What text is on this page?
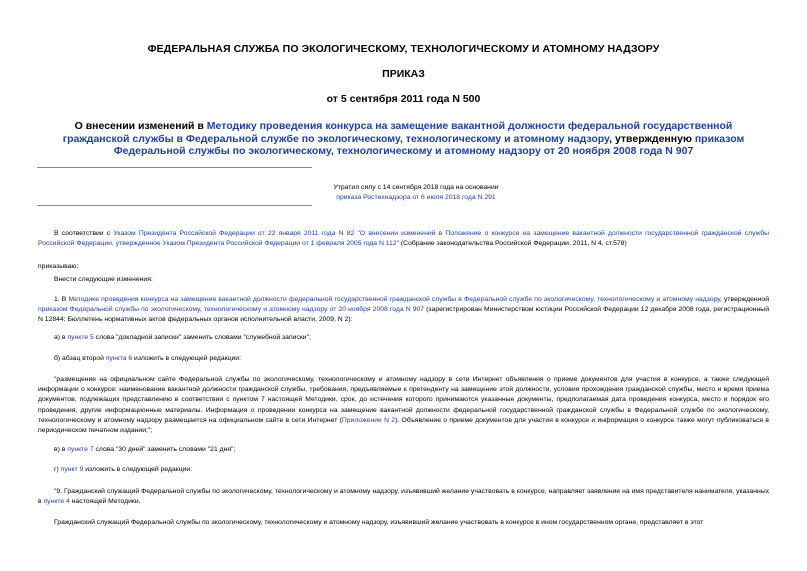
ФЕДЕРАЛЬНАЯ СЛУЖБА ПО ЭКОЛОГИЧЕСКОМУ, ТЕХНОЛОГИЧЕСКОМУ И АТОМНОМУ НАДЗОРУ
ПРИКАЗ
от 5 сентября 2011 года N 500
О внесении изменений в Методику проведения конкурса на замещение вакантной должности федеральной государственной гражданской службы в Федеральной службе по экологическому, технологическому и атомному надзору, утвержденную приказом Федеральной службы по экологическому, технологическому и атомному надзору от 20 ноября 2008 года N 907
Утратил силу с 14 сентября 2018 года на основании
приказа Ростехнадзора от 6 июля 2018 года N 291
В соответствии с Указом Президента Российской Федерации от 22 января 2011 года N 82 "О внесении изменений в Положение о конкурсе на замещение вакантной должности государственной гражданской службы Российской Федерации, утвержденное Указом Президента Российской Федерации от 1 февраля 2005 года N 112" (Собрание законодательства Российской Федерации, 2011, N 4, ст.578)
приказываю:
Внести следующие изменения:
1. В Методике проведения конкурса на замещение вакантной должности федеральной государственной гражданской службы в Федеральной службе по экологическому, технологическому и атомному надзору, утвержденной приказом Федеральной службы по экологическому, технологическому и атомному надзору от 20 ноября 2008 года N 907 (зарегистрирован Министерством юстиции Российской Федерации 12 декабря 2008 года, регистрационный N 12844; Бюллетень нормативных актов федеральных органов исполнительной власти, 2009, N 2):
а) в пункте 5 слова "докладной записки" заменить словами "служебной записки";
б) абзац второй пункта 6 изложить в следующей редакции:
"размещение на официальном сайте Федеральной службы по экологическому, технологическому и атомному надзору в сети Интернет объявления о приеме документов для участия в конкурсе, а также следующей информации о конкурсе: наименование вакантной должности гражданской службы, требования, предъявляемые к претенденту на замещение этой должности, условия прохождения гражданской службы, место и время приема документов, подлежащих представлению в соответствии с пунктом 7 настоящей Методики, срок, до истечения которого принимаются указанные документы, предполагаемая дата проведения конкурса, место и порядок его проведения, другие информационные материалы. Информация о проведении конкурса на замещение вакантной должности федеральной государственной гражданской службы в Федеральной службе по экологическому, технологическому и атомному надзору размещается на официальном сайте в сети Интернет (Приложение N 2). Объявление о приеме документов для участия в конкурсе и информация о конкурсе также могут публиковаться в периодическом печатном издании;";
в) в пункте 7 слова "30 дней" заменить словами "21 дня";
г) пункт 9 изложить в следующей редакции:
"9. Гражданский служащий Федеральной службы по экологическому, технологическому и атомному надзору, изъявивший желание участвовать в конкурсе, направляет заявление на имя представителя нанимателя, указанных в пункте 4 настоящей Методики.
Гражданский служащий Федеральной службы по экологическому, технологическому и атомному надзору, изъявивший желание участвовать в конкурсе в ином государственном органе, представляет в этот
